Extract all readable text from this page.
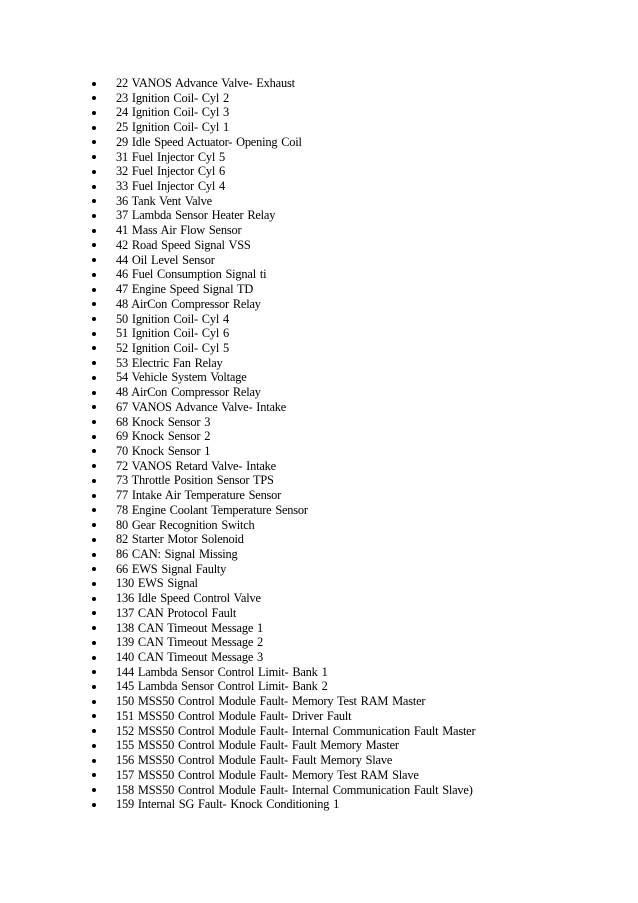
22 VANOS Advance Valve- Exhaust
23 Ignition Coil- Cyl 2
24 Ignition Coil- Cyl 3
25 Ignition Coil- Cyl 1
29 Idle Speed Actuator- Opening Coil
31 Fuel Injector Cyl 5
32 Fuel Injector Cyl 6
33 Fuel Injector Cyl 4
36 Tank Vent Valve
37 Lambda Sensor Heater Relay
41 Mass Air Flow Sensor
42 Road Speed Signal VSS
44 Oil Level Sensor
46 Fuel Consumption Signal ti
47 Engine Speed Signal TD
48 AirCon Compressor Relay
50 Ignition Coil- Cyl 4
51 Ignition Coil- Cyl 6
52 Ignition Coil- Cyl 5
53 Electric Fan Relay
54 Vehicle System Voltage
48 AirCon Compressor Relay
67 VANOS Advance Valve- Intake
68 Knock Sensor 3
69 Knock Sensor 2
70 Knock Sensor 1
72 VANOS Retard Valve- Intake
73 Throttle Position Sensor TPS
77 Intake Air Temperature Sensor
78 Engine Coolant Temperature Sensor
80 Gear Recognition Switch
82 Starter Motor Solenoid
86 CAN: Signal Missing
66 EWS Signal Faulty
130 EWS Signal
136 Idle Speed Control Valve
137 CAN Protocol Fault
138 CAN Timeout Message 1
139 CAN Timeout Message 2
140 CAN Timeout Message 3
144 Lambda Sensor Control Limit- Bank 1
145 Lambda Sensor Control Limit- Bank 2
150 MSS50 Control Module Fault- Memory Test RAM Master
151 MSS50 Control Module Fault- Driver Fault
152 MSS50 Control Module Fault- Internal Communication Fault Master
155 MSS50 Control Module Fault- Fault Memory Master
156 MSS50 Control Module Fault- Fault Memory Slave
157 MSS50 Control Module Fault- Memory Test RAM Slave
158 MSS50 Control Module Fault- Internal Communication Fault Slave)
159 Internal SG Fault- Knock Conditioning 1
